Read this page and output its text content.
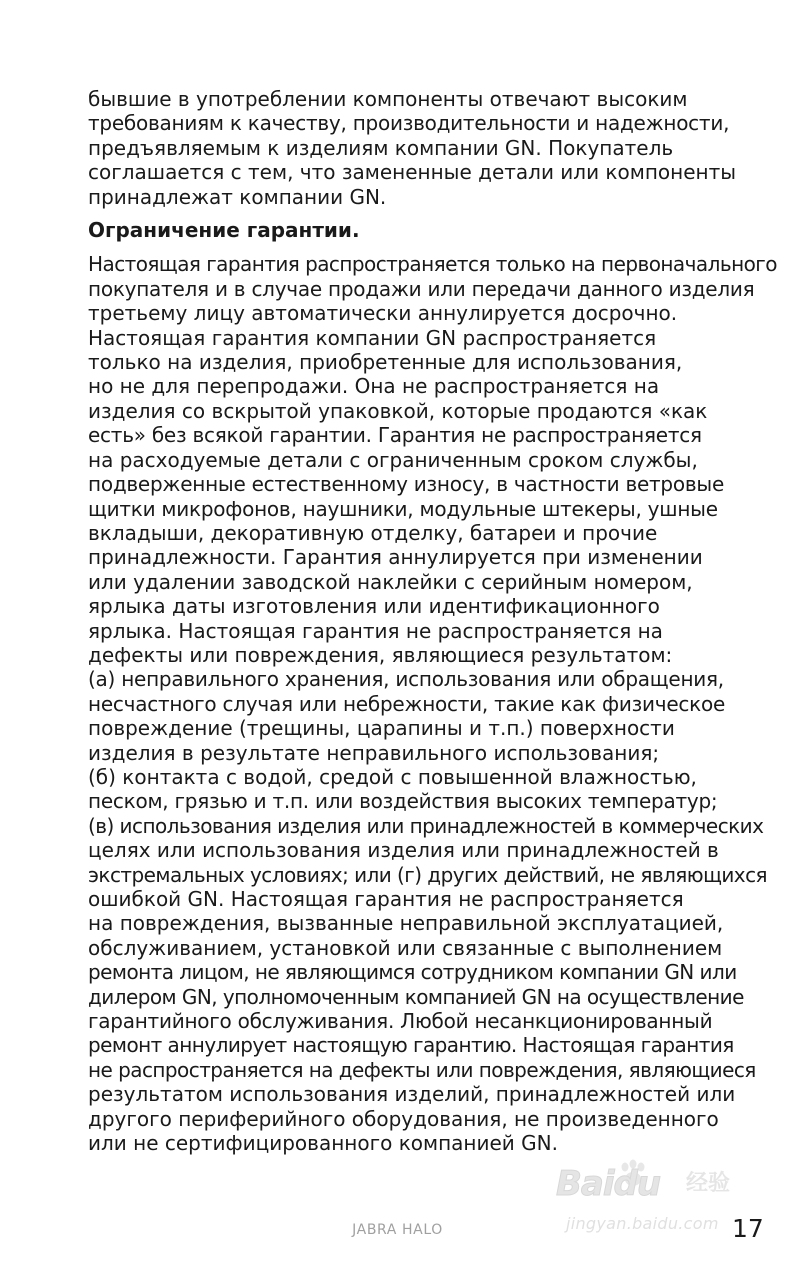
бывшие в употреблении компоненты отвечают высоким
требованиям к качеству, производительности и надежности,
предъявляемым к изделиям компании GN. Покупатель
соглашается с тем, что замененные детали или компоненты
принадлежат компании GN.
Ограничение гарантии.
Настоящая гарантия распространяется только на первоначального
покупателя и в случае продажи или передачи данного изделия
третьему лицу автоматически аннулируется досрочно.
Настоящая гарантия компании GN распространяется
только на изделия, приобретенные для использования,
но не для перепродажи. Она не распространяется на
изделия со вскрытой упаковкой, которые продаются «как
есть» без всякой гарантии. Гарантия не распространяется
на расходуемые детали с ограниченным сроком службы,
подверженные естественному износу, в частности ветровые
щитки микрофонов, наушники, модульные штекеры, ушные
вкладыши, декоративную отделку, батареи и прочие
принадлежности. Гарантия аннулируется при изменении
или удалении заводской наклейки с серийным номером,
ярлыка даты изготовления или идентификационного
ярлыка. Настоящая гарантия не распространяется на
дефекты или повреждения, являющиеся результатом:
(а) неправильного хранения, использования или обращения,
несчастного случая или небрежности, такие как физическое
повреждение (трещины, царапины и т.п.) поверхности
изделия в результате неправильного использования;
(б) контакта с водой, средой с повышенной влажностью,
песком, грязью и т.п. или воздействия высоких температур;
(в) использования изделия или принадлежностей в коммерческих
целях или использования изделия или принадлежностей в
экстремальных условиях; или (г) других действий, не являющихся
ошибкой GN. Настоящая гарантия не распространяется
на повреждения, вызванные неправильной эксплуатацией,
обслуживанием, установкой или связанные с выполнением
ремонта лицом, не являющимся сотрудником компании GN или
дилером GN, уполномоченным компанией GN на осуществление
гарантийного обслуживания. Любой несанкционированный
ремонт аннулирует настоящую гарантию. Настоящая гарантия
не распространяется на дефекты или повреждения, являющиеся
результатом использования изделий, принадлежностей или
другого периферийного оборудования, не произведенного
или не сертифицированного компанией GN.
Baidu 经验
jingyan.baidu.com
JABRA HALO	17
